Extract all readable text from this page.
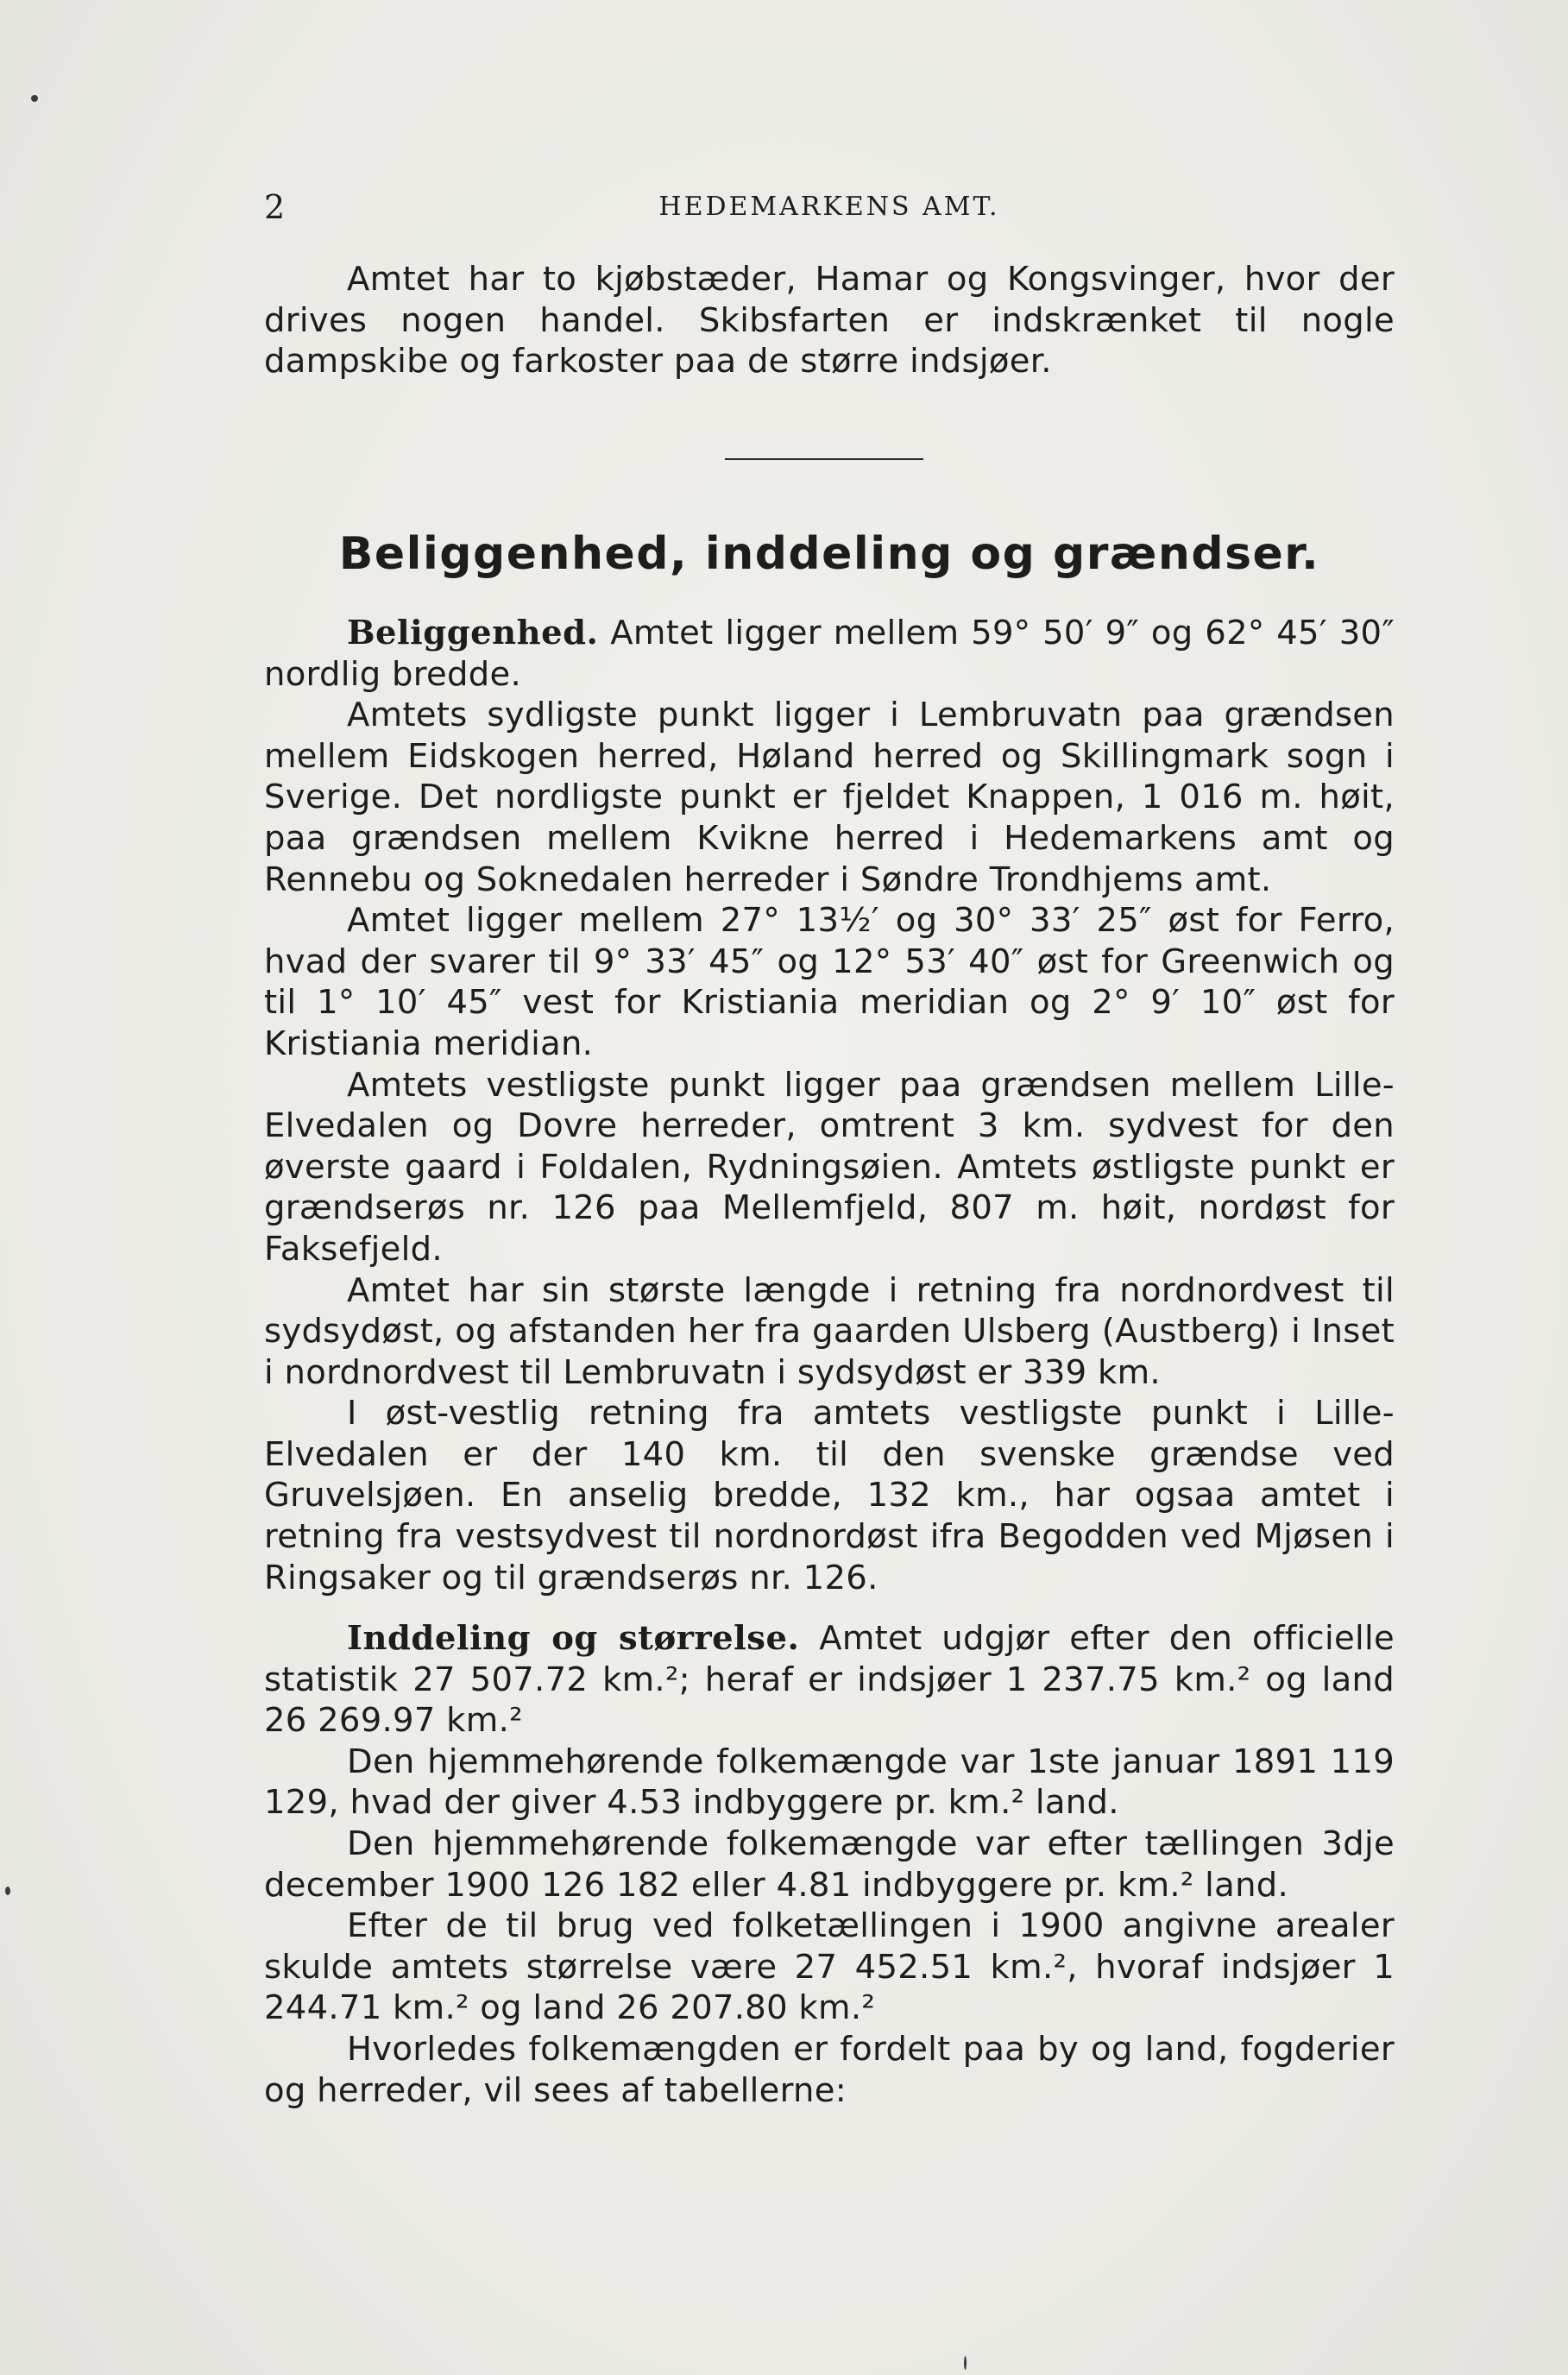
2	HEDEMARKENS AMT.

Amtet har to kjøbstæder, Hamar og Kongsvinger, hvor der drives nogen handel. Skibsfarten er indskrænket til nogle dampskibe og farkoster paa de større indsjøer.

Beliggenhed, inddeling og grændser.

Beliggenhed. Amtet ligger mellem 59° 50′ 9″ og 62° 45′ 30″ nordlig bredde.

Amtets sydligste punkt ligger i Lembruvatn paa grændsen mellem Eidskogen herred, Høland herred og Skillingmark sogn i Sverige. Det nordligste punkt er fjeldet Knappen, 1 016 m. høit, paa grændsen mellem Kvikne herred i Hedemarkens amt og Rennebu og Soknedalen herreder i Søndre Trondhjems amt.

Amtet ligger mellem 27° 13½′ og 30° 33′ 25″ øst for Ferro, hvad der svarer til 9° 33′ 45″ og 12° 53′ 40″ øst for Greenwich og til 1° 10′ 45″ vest for Kristiania meridian og 2° 9′ 10″ øst for Kristiania meridian.

Amtets vestligste punkt ligger paa grændsen mellem Lille-Elvedalen og Dovre herreder, omtrent 3 km. sydvest for den øverste gaard i Foldalen, Rydningsøien. Amtets østligste punkt er grændserøs nr. 126 paa Mellemfjeld, 807 m. høit, nordøst for Faksefjeld.

Amtet har sin største længde i retning fra nordnordvest til sydsydøst, og afstanden her fra gaarden Ulsberg (Austberg) i Inset i nordnordvest til Lembruvatn i sydsydøst er 339 km.

I øst-vestlig retning fra amtets vestligste punkt i Lille-Elvedalen er der 140 km. til den svenske grændse ved Gruvelsjøen. En anselig bredde, 132 km., har ogsaa amtet i retning fra vestsydvest til nordnordøst ifra Begodden ved Mjøsen i Ringsaker og til grændserøs nr. 126.

Inddeling og størrelse. Amtet udgjør efter den officielle statistik 27 507.72 km.²; heraf er indsjøer 1 237.75 km.² og land 26 269.97 km.²

Den hjemmehørende folkemængde var 1ste januar 1891 119 129, hvad der giver 4.53 indbyggere pr. km.² land.

Den hjemmehørende folkemængde var efter tællingen 3dje december 1900 126 182 eller 4.81 indbyggere pr. km.² land.

Efter de til brug ved folketællingen i 1900 angivne arealer skulde amtets størrelse være 27 452.51 km.², hvoraf indsjøer 1 244.71 km.² og land 26 207.80 km.²

Hvorledes folkemængden er fordelt paa by og land, fogderier og herreder, vil sees af tabellerne:
